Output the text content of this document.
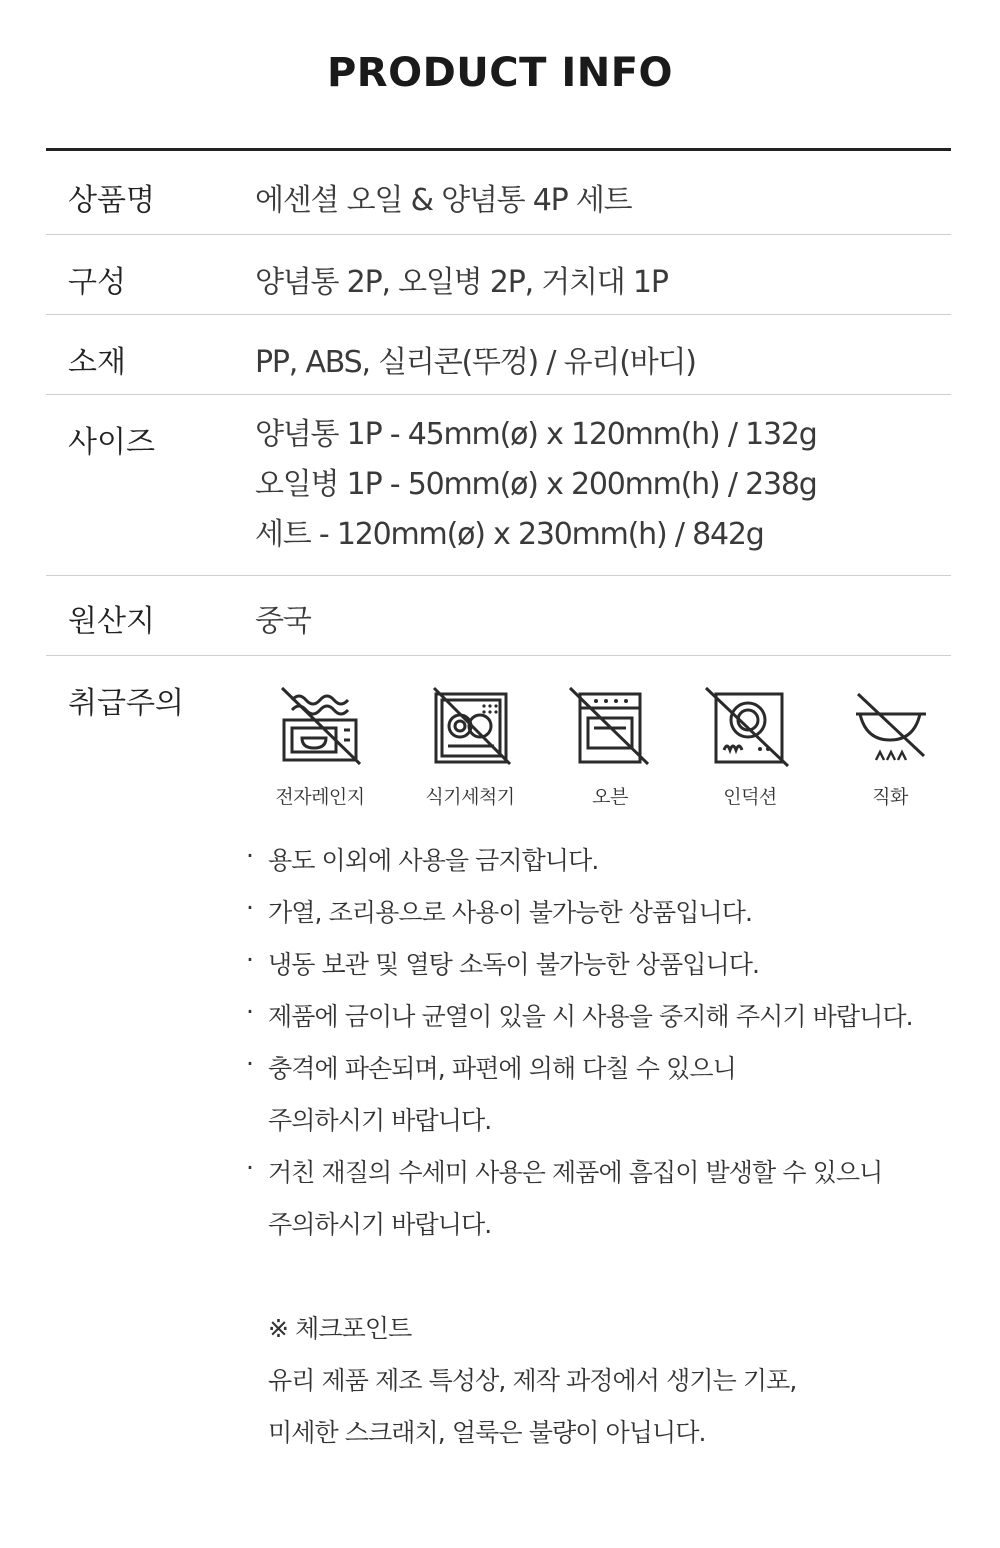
PRODUCT INFO
상품명	에센셜 오일 & 양념통 4P 세트
구성	양념통 2P, 오일병 2P, 거치대 1P
소재	PP, ABS, 실리콘(뚜껑) / 유리(바디)
사이즈	양념통 1P - 45mm(ø) x 120mm(h) / 132g
오일병 1P - 50mm(ø) x 200mm(h) / 238g
세트 - 120mm(ø) x 230mm(h) / 842g
원산지	중국
취급주의
전자레인지	식기세척기	오븐	인덕션	직화
· 용도 이외에 사용을 금지합니다.
· 가열, 조리용으로 사용이 불가능한 상품입니다.
· 냉동 보관 및 열탕 소독이 불가능한 상품입니다.
· 제품에 금이나 균열이 있을 시 사용을 중지해 주시기 바랍니다.
· 충격에 파손되며, 파편에 의해 다칠 수 있으니
주의하시기 바랍니다.
· 거친 재질의 수세미 사용은 제품에 흠집이 발생할 수 있으니
주의하시기 바랍니다.
※ 체크포인트
유리 제품 제조 특성상, 제작 과정에서 생기는 기포,
미세한 스크래치, 얼룩은 불량이 아닙니다.
